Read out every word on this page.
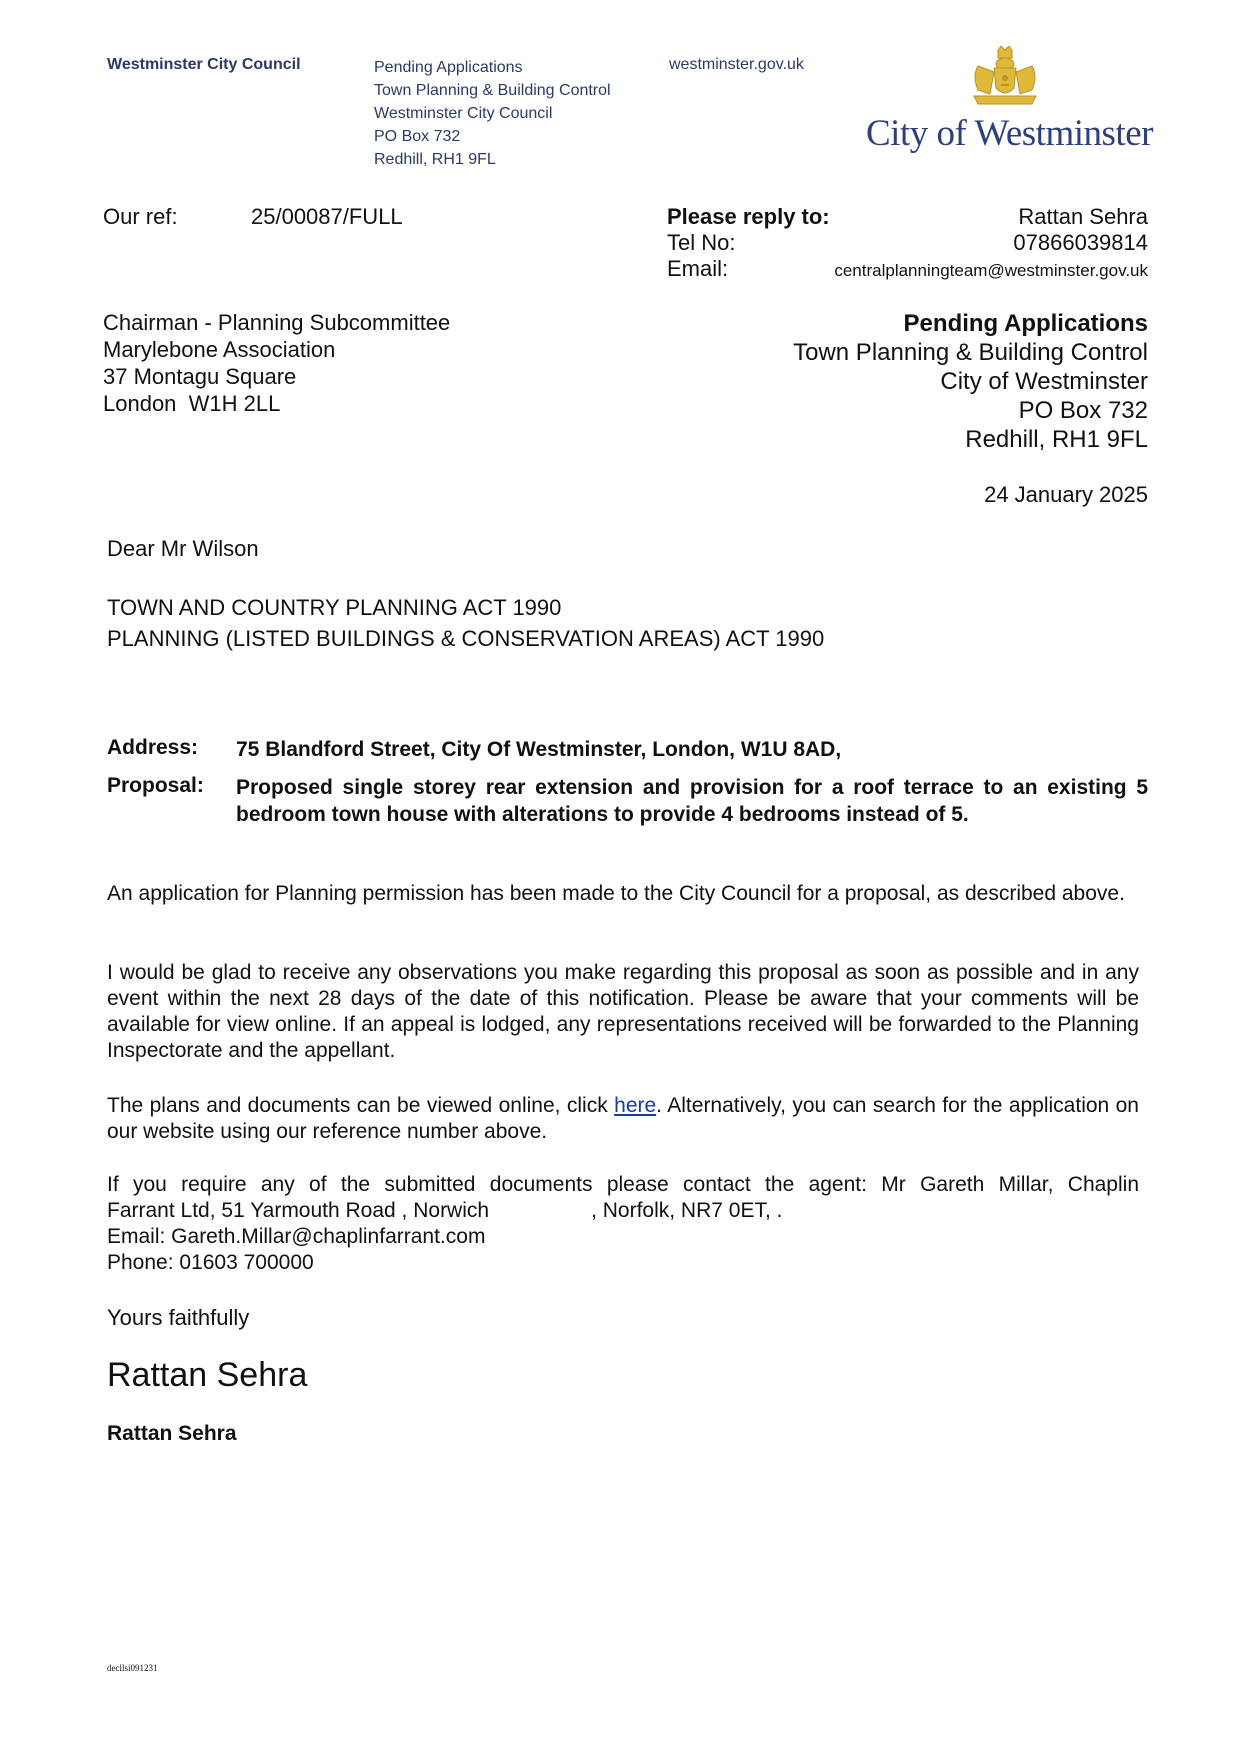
Westminster City Council	Pending Applications
Town Planning & Building Control
Westminster City Council
PO Box 732
Redhill, RH1 9FL
westminster.gov.uk
City of Westminster
Our ref:	25/00087/FULL	Please reply to:	Rattan Sehra
Tel No:	07866039814
Email:	centralplanningteam@westminster.gov.uk
Chairman - Planning Subcommittee
Marylebone Association
37 Montagu Square
London  W1H 2LL
Pending Applications
Town Planning & Building Control
City of Westminster
PO Box 732
Redhill, RH1 9FL
24 January 2025
Dear Mr Wilson
TOWN AND COUNTRY PLANNING ACT 1990
PLANNING (LISTED BUILDINGS & CONSERVATION AREAS) ACT 1990
Address: 75 Blandford Street, City Of Westminster, London, W1U 8AD,
Proposal: Proposed single storey rear extension and provision for a roof terrace to an existing 5 bedroom town house with alterations to provide 4 bedrooms instead of 5.
An application for Planning permission has been made to the City Council for a proposal, as described above.
I would be glad to receive any observations you make regarding this proposal as soon as possible and in any event within the next 28 days of the date of this notification. Please be aware that your comments will be available for view online. If an appeal is lodged, any representations received will be forwarded to the Planning Inspectorate and the appellant.
The plans and documents can be viewed online, click here. Alternatively, you can search for the application on our website using our reference number above.
If you require any of the submitted documents please contact the agent: Mr Gareth Millar, Chaplin
Farrant Ltd, 51 Yarmouth Road , Norwich	, Norfolk, NR7 0ET, .
Email: Gareth.Millar@chaplinfarrant.com
Phone: 01603 700000
Yours faithfully
Rattan Sehra
Rattan Sehra
decllsi091231
